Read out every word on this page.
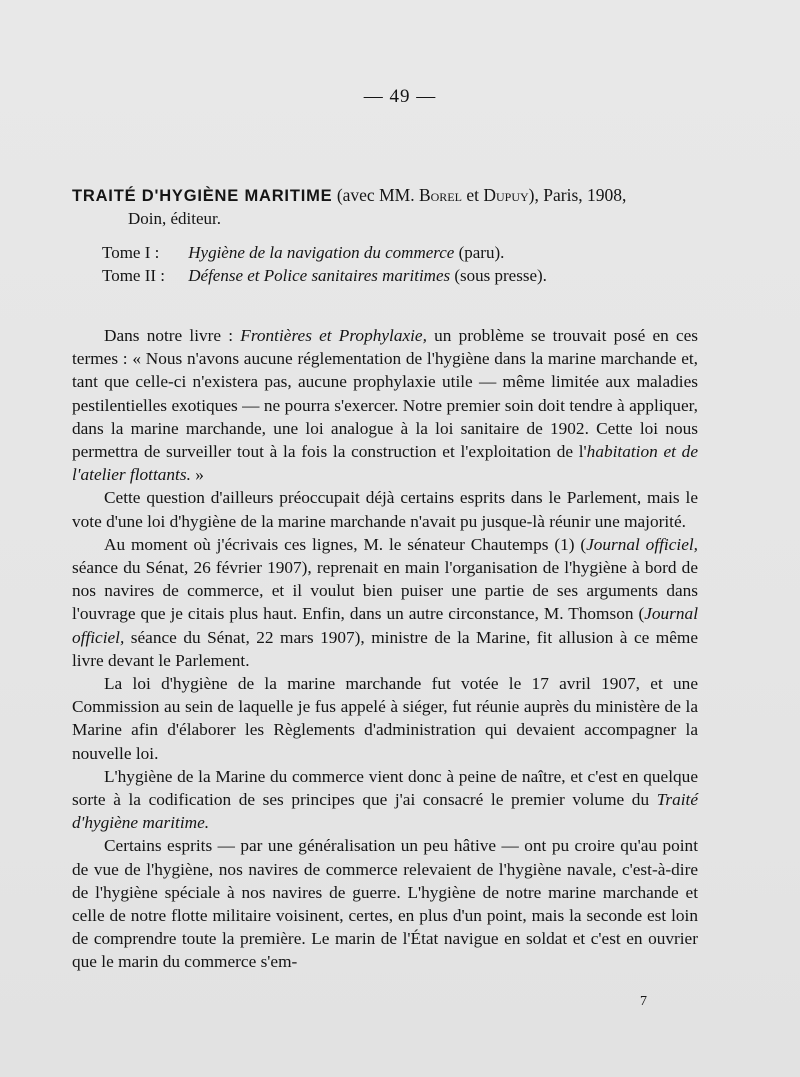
— 49 —

TRAITÉ D'HYGIÈNE MARITIME (avec MM. Borel et Dupuy), Paris, 1908,

Doin, éditeur.

Tome I : Hygiène de la navigation du commerce (paru).
Tome II : Défense et Police sanitaires maritimes (sous presse).

Dans notre livre : Frontières et Prophylaxie, un problème se trouvait posé en ces termes : « Nous n'avons aucune réglementation de l'hygiène dans la marine marchande et, tant que celle-ci n'existera pas, aucune prophylaxie utile — même limitée aux maladies pestilentielles exotiques — ne pourra s'exercer. Notre premier soin doit tendre à appliquer, dans la marine marchande, une loi analogue à la loi sanitaire de 1902. Cette loi nous permettra de surveiller tout à la fois la construction et l'exploitation de l'habitation et de l'atelier flottants. »

Cette question d'ailleurs préoccupait déjà certains esprits dans le Parlement, mais le vote d'une loi d'hygiène de la marine marchande n'avait pu jusque-là réunir une majorité.

Au moment où j'écrivais ces lignes, M. le sénateur Chautemps (1) (Journal officiel, séance du Sénat, 26 février 1907), reprenait en main l'organisation de l'hygiène à bord de nos navires de commerce, et il voulut bien puiser une partie de ses arguments dans l'ouvrage que je citais plus haut. Enfin, dans un autre circonstance, M. Thomson (Journal officiel, séance du Sénat, 22 mars 1907), ministre de la Marine, fit allusion à ce même livre devant le Parlement.

La loi d'hygiène de la marine marchande fut votée le 17 avril 1907, et une Commission au sein de laquelle je fus appelé à siéger, fut réunie auprès du ministère de la Marine afin d'élaborer les Règlements d'administration qui devaient accompagner la nouvelle loi.

L'hygiène de la Marine du commerce vient donc à peine de naître, et c'est en quelque sorte à la codification de ses principes que j'ai consacré le premier volume du Traité d'hygiène maritime.

Certains esprits — par une généralisation un peu hâtive — ont pu croire qu'au point de vue de l'hygiène, nos navires de commerce relevaient de l'hygiène navale, c'est-à-dire de l'hygiène spéciale à nos navires de guerre. L'hygiène de notre marine marchande et celle de notre flotte militaire voisinent, certes, en plus d'un point, mais la seconde est loin de comprendre toute la première. Le marin de l'État navigue en soldat et c'est en ouvrier que le marin du commerce s'em-

7
